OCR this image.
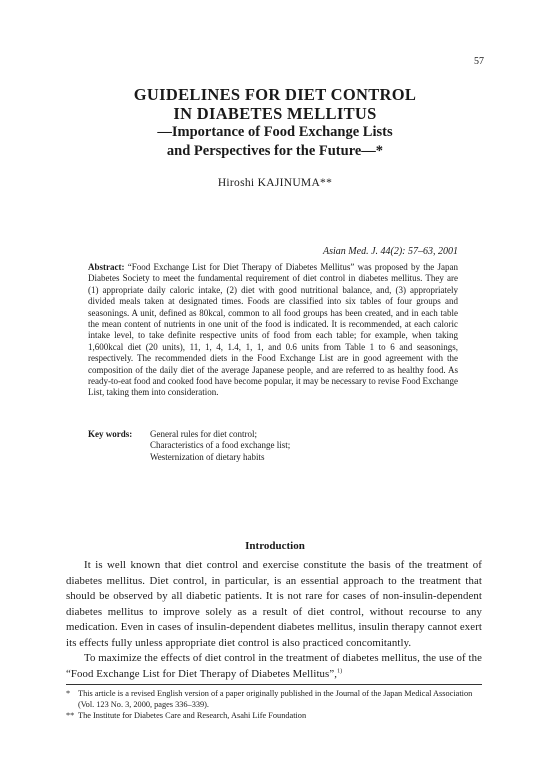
57
GUIDELINES FOR DIET CONTROL
IN DIABETES MELLITUS
—Importance of Food Exchange Lists
and Perspectives for the Future—*
Hiroshi KAJINUMA**
Asian Med. J. 44(2): 57–63, 2001
Abstract: “Food Exchange List for Diet Therapy of Diabetes Mellitus” was proposed by the Japan Diabetes Society to meet the fundamental requirement of diet control in diabetes mellitus. They are (1) appropriate daily caloric intake, (2) diet with good nutritional balance, and, (3) appropriately divided meals taken at designated times. Foods are classified into six tables of four groups and seasonings. A unit, defined as 80kcal, common to all food groups has been created, and in each table the mean content of nutrients in one unit of the food is indicated. It is recommended, at each caloric intake level, to take definite respective units of food from each table; for example, when taking 1,600kcal diet (20 units), 11, 1, 4, 1.4, 1, 1, and 0.6 units from Table 1 to 6 and seasonings, respectively. The recommended diets in the Food Exchange List are in good agreement with the composition of the daily diet of the average Japanese people, and are referred to as healthy food. As ready-to-eat food and cooked food have become popular, it may be necessary to revise Food Exchange List, taking them into consideration.
Key words: General rules for diet control;
Characteristics of a food exchange list;
Westernization of dietary habits
Introduction

It is well known that diet control and exercise constitute the basis of the treatment of diabetes mellitus. Diet control, in particular, is an essential approach to the treatment that should be observed by all diabetic patients. It is not rare for cases of non-insulin-dependent diabetes mellitus to improve solely as a result of diet control, without recourse to any medication. Even in cases of insulin-dependent diabetes mellitus, insulin therapy cannot exert its effects fully unless appropriate diet control is also practiced concomitantly.

To maximize the effects of diet control in the treatment of diabetes mellitus, the use of the “Food Exchange List for Diet Therapy of Diabetes Mellitus”,$^{1)}$

* This article is a revised English version of a paper originally published in the Journal of the Japan Medical Association (Vol. 123 No. 3, 2000, pages 336–339).
** The Institute for Diabetes Care and Research, Asahi Life Foundation
